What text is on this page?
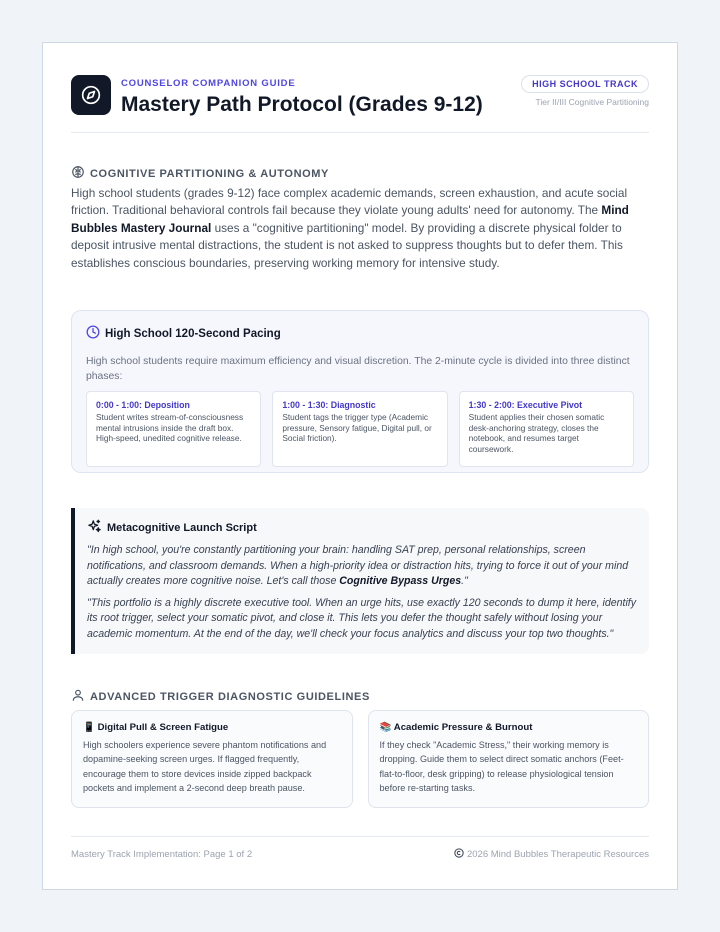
COUNSELOR COMPANION GUIDE
Mastery Path Protocol (Grades 9-12)
HIGH SCHOOL TRACK
Tier II/III Cognitive Partitioning
COGNITIVE PARTITIONING & AUTONOMY
High school students (grades 9-12) face complex academic demands, screen exhaustion, and acute social friction. Traditional behavioral controls fail because they violate young adults' need for autonomy. The Mind Bubbles Mastery Journal uses a "cognitive partitioning" model. By providing a discrete physical folder to deposit intrusive mental distractions, the student is not asked to suppress thoughts but to defer them. This establishes conscious boundaries, preserving working memory for intensive study.
High School 120-Second Pacing
High school students require maximum efficiency and visual discretion. The 2-minute cycle is divided into three distinct phases:
0:00 - 1:00: Deposition
Student writes stream-of-consciousness mental intrusions inside the draft box. High-speed, unedited cognitive release.
1:00 - 1:30: Diagnostic
Student tags the trigger type (Academic pressure, Sensory fatigue, Digital pull, or Social friction).
1:30 - 2:00: Executive Pivot
Student applies their chosen somatic desk-anchoring strategy, closes the notebook, and resumes target coursework.
Metacognitive Launch Script

"In high school, you're constantly partitioning your brain: handling SAT prep, personal relationships, screen notifications, and classroom demands. When a high-priority idea or distraction hits, trying to force it out of your mind actually creates more cognitive noise. Let's call those Cognitive Bypass Urges."

"This portfolio is a highly discrete executive tool. When an urge hits, use exactly 120 seconds to dump it here, identify its root trigger, select your somatic pivot, and close it. This lets you defer the thought safely without losing your academic momentum. At the end of the day, we'll check your focus analytics and discuss your top two thoughts."

ADVANCED TRIGGER DIAGNOSTIC GUIDELINES
📱 Digital Pull & Screen Fatigue
High schoolers experience severe phantom notifications and dopamine-seeking screen urges. If flagged frequently, encourage them to store devices inside zipped backpack pockets and implement a 2-second deep breath pause.
📚 Academic Pressure & Burnout
If they check "Academic Stress," their working memory is dropping. Guide them to select direct somatic anchors (Feet-flat-to-floor, desk gripping) to release physiological tension before re-starting tasks.
Mastery Track Implementation: Page 1 of 2	2026 Mind Bubbles Therapeutic Resources
